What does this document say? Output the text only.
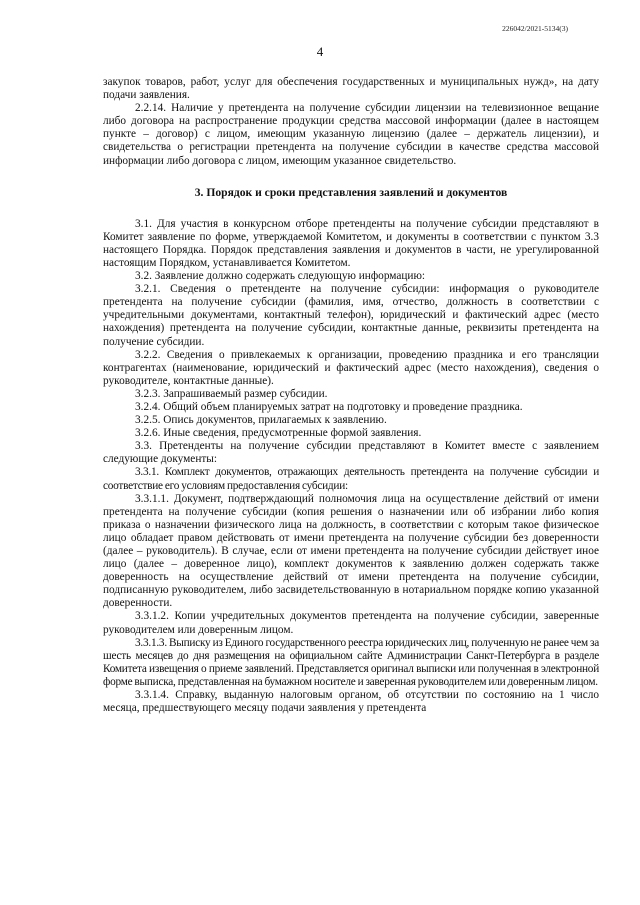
226042/2021-5134(3)
4

закупок товаров, работ, услуг для обеспечения государственных и муниципальных нужд», на дату подачи заявления.

2.2.14. Наличие у претендента на получение субсидии лицензии на телевизионное вещание либо договора на распространение продукции средства массовой информации (далее в настоящем пункте – договор) с лицом, имеющим указанную лицензию (далее – держатель лицензии), и свидетельства о регистрации претендента на получение субсидии в качестве средства массовой информации либо договора с лицом, имеющим указанное свидетельство.

3. Порядок и сроки представления заявлений и документов

3.1. Для участия в конкурсном отборе претенденты на получение субсидии представляют в Комитет заявление по форме, утверждаемой Комитетом, и документы в соответствии с пунктом 3.3 настоящего Порядка. Порядок представления заявления и документов в части, не урегулированной настоящим Порядком, устанавливается Комитетом.

3.2. Заявление должно содержать следующую информацию:

3.2.1. Сведения о претенденте на получение субсидии: информация о руководителе претендента на получение субсидии (фамилия, имя, отчество, должность в соответствии с учредительными документами, контактный телефон), юридический и фактический адрес (место нахождения) претендента на получение субсидии, контактные данные, реквизиты претендента на получение субсидии.

3.2.2. Сведения о привлекаемых к организации, проведению праздника и его трансляции контрагентах (наименование, юридический и фактический адрес (место нахождения), сведения о руководителе, контактные данные).

3.2.3. Запрашиваемый размер субсидии.

3.2.4. Общий объем планируемых затрат на подготовку и проведение праздника.

3.2.5. Опись документов, прилагаемых к заявлению.

3.2.6. Иные сведения, предусмотренные формой заявления.

3.3. Претенденты на получение субсидии представляют в Комитет вместе с заявлением следующие документы:

3.3.1. Комплект документов, отражающих деятельность претендента на получение субсидии и соответствие его условиям предоставления субсидии:

3.3.1.1. Документ, подтверждающий полномочия лица на осуществление действий от имени претендента на получение субсидии (копия решения о назначении или об избрании либо копия приказа о назначении физического лица на должность, в соответствии с которым такое физическое лицо обладает правом действовать от имени претендента на получение субсидии без доверенности (далее – руководитель). В случае, если от имени претендента на получение субсидии действует иное лицо (далее – доверенное лицо), комплект документов к заявлению должен содержать также доверенность на осуществление действий от имени претендента на получение субсидии, подписанную руководителем, либо засвидетельствованную в нотариальном порядке копию указанной доверенности.

3.3.1.2. Копии учредительных документов претендента на получение субсидии, заверенные руководителем или доверенным лицом.

3.3.1.3. Выписку из Единого государственного реестра юридических лиц, полученную не ранее чем за шесть месяцев до дня размещения на официальном сайте Администрации Санкт-Петербурга в разделе Комитета извещения о приеме заявлений. Представляется оригинал выписки или полученная в электронной форме выписка, представленная на бумажном носителе и заверенная руководителем или доверенным лицом.

3.3.1.4. Справку, выданную налоговым органом, об отсутствии по состоянию на 1 число месяца, предшествующего месяцу подачи заявления у претендента
